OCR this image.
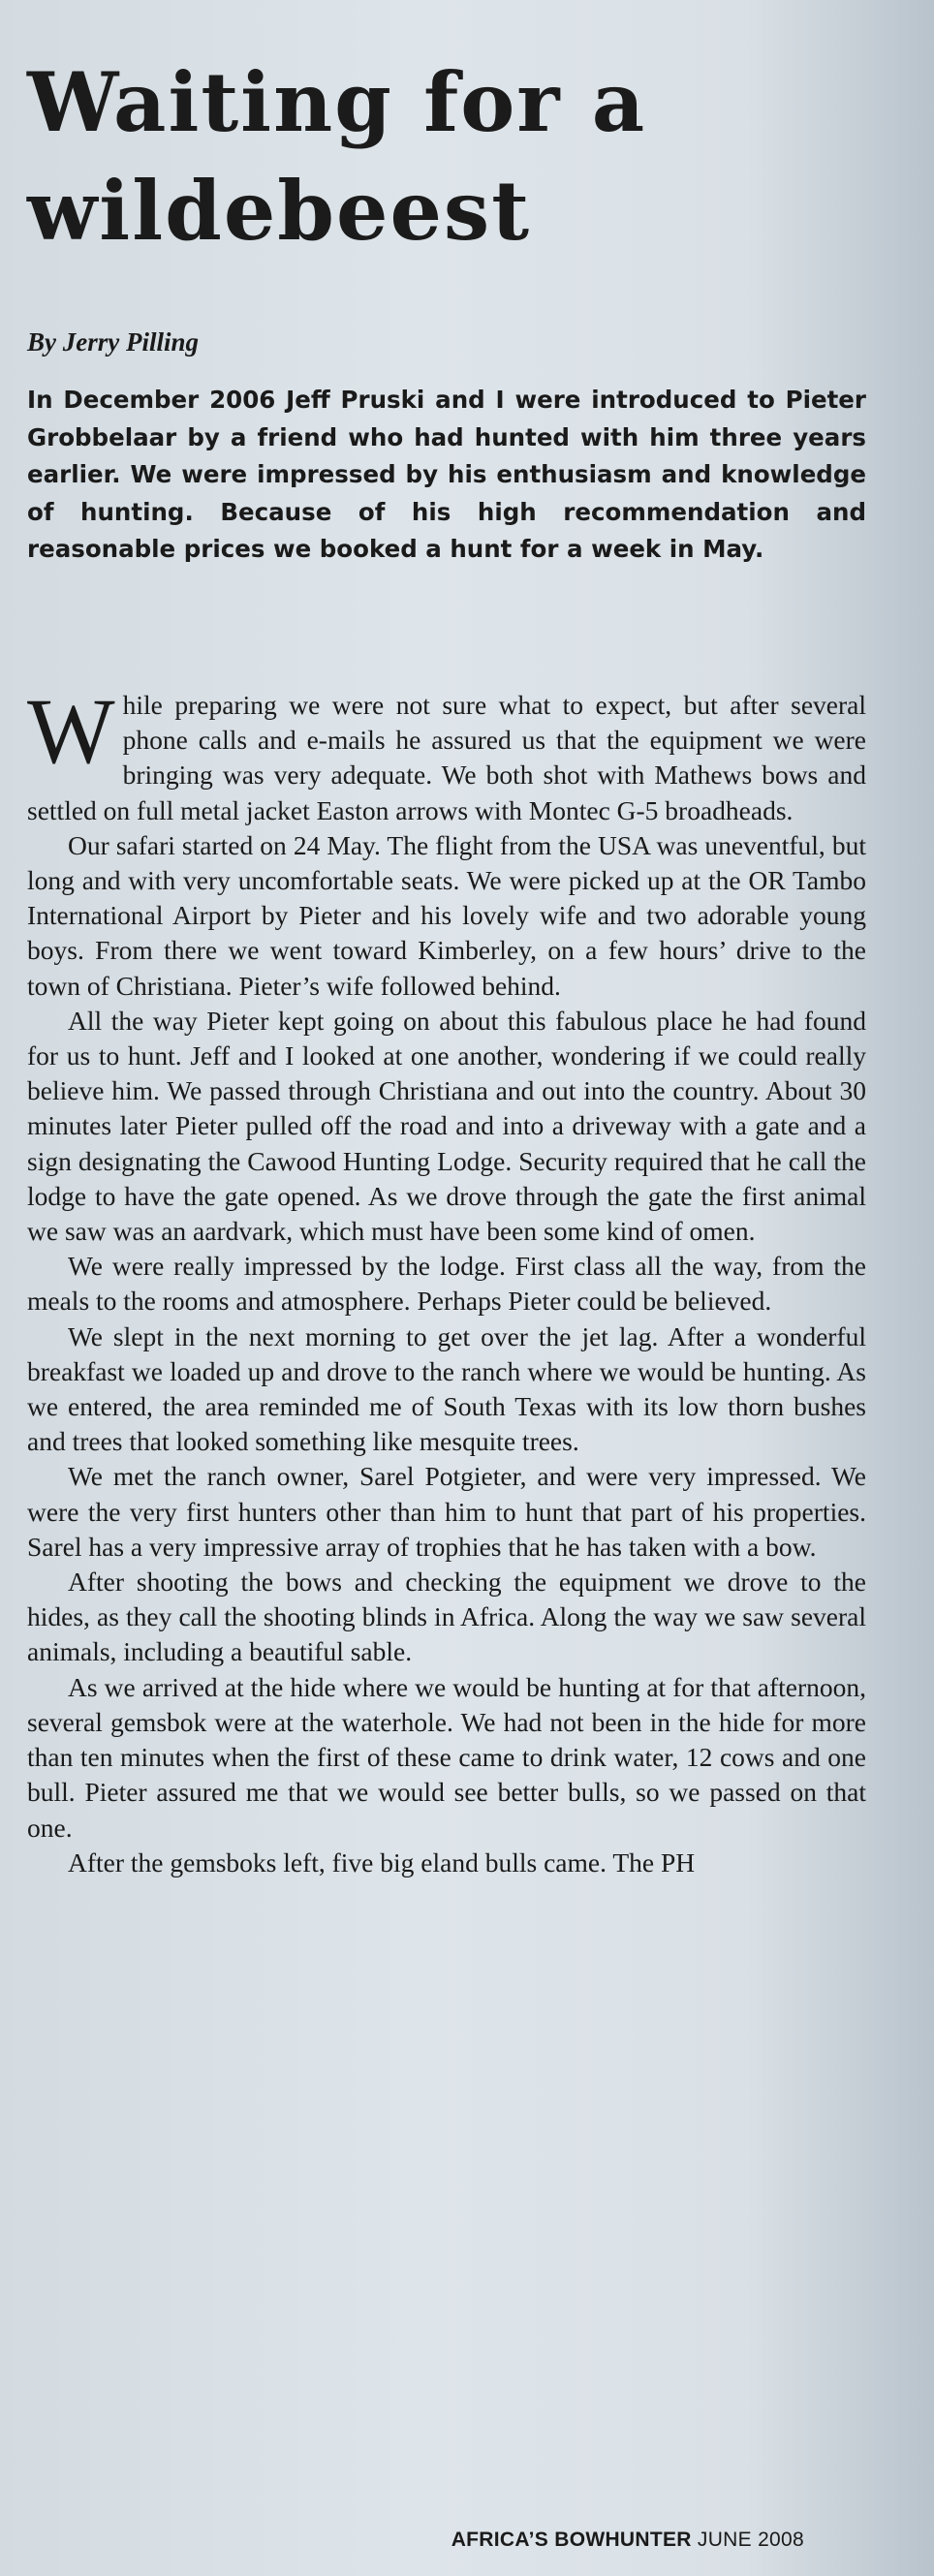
Waiting for a wildebeest
By Jerry Pilling

In December 2006 Jeff Pruski and I were introduced to Pieter Grobbelaar by a friend who had hunted with him three years earlier. We were impressed by his enthusiasm and knowledge of hunting. Because of his high recommendation and reasonable prices we booked a hunt for a week in May.

While preparing we were not sure what to expect, but after several phone calls and e-mails he assured us that the equipment we were bringing was very adequate. We both shot with Mathews bows and settled on full metal jacket Easton arrows with Montec G-5 broadheads.

Our safari started on 24 May. The flight from the USA was uneventful, but long and with very uncomfortable seats. We were picked up at the OR Tambo International Airport by Pieter and his lovely wife and two adorable young boys. From there we went toward Kimberley, on a few hours’ drive to the town of Christiana. Pieter’s wife followed behind.

All the way Pieter kept going on about this fabulous place he had found for us to hunt. Jeff and I looked at one another, wondering if we could really believe him. We passed through Christiana and out into the country. About 30 minutes later Pieter pulled off the road and into a driveway with a gate and a sign designating the Cawood Hunting Lodge. Security required that he call the lodge to have the gate opened. As we drove through the gate the first animal we saw was an aardvark, which must have been some kind of omen.

We were really impressed by the lodge. First class all the way, from the meals to the rooms and atmosphere. Perhaps Pieter could be believed.

We slept in the next morning to get over the jet lag. After a wonderful breakfast we loaded up and drove to the ranch where we would be hunting. As we entered, the area reminded me of South Texas with its low thorn bushes and trees that looked something like mesquite trees.

We met the ranch owner, Sarel Potgieter, and were very impressed. We were the very first hunters other than him to hunt that part of his properties. Sarel has a very impressive array of trophies that he has taken with a bow.

After shooting the bows and checking the equipment we drove to the hides, as they call the shooting blinds in Africa. Along the way we saw several animals, including a beautiful sable.

As we arrived at the hide where we would be hunting at for that afternoon, several gemsbok were at the waterhole. We had not been in the hide for more than ten minutes when the first of these came to drink water, 12 cows and one bull. Pieter assured me that we would see better bulls, so we passed on that one.

After the gemsboks left, five big eland bulls came. The PH

AFRICA’S BOWHUNTER JUNE 2008
